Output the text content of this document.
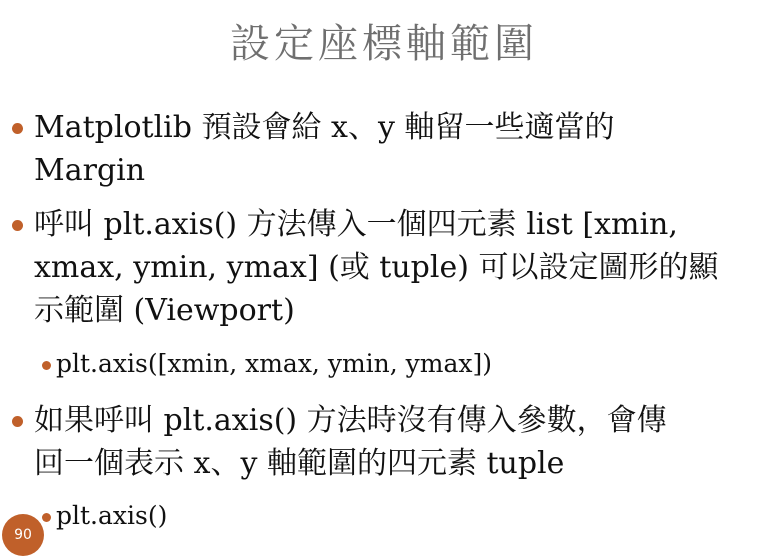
設定座標軸範圍
Matplotlib 預設會給 x、y 軸留一些適當的
Margin
呼叫 plt.axis() 方法傳入一個四元素 list [xmin,
xmax, ymin, ymax] (或 tuple) 可以設定圖形的顯
示範圍 (Viewport)
plt.axis([xmin, xmax, ymin, ymax])
如果呼叫 plt.axis() 方法時沒有傳入參數，會傳
回一個表示 x、y 軸範圍的四元素 tuple
plt.axis()
90
